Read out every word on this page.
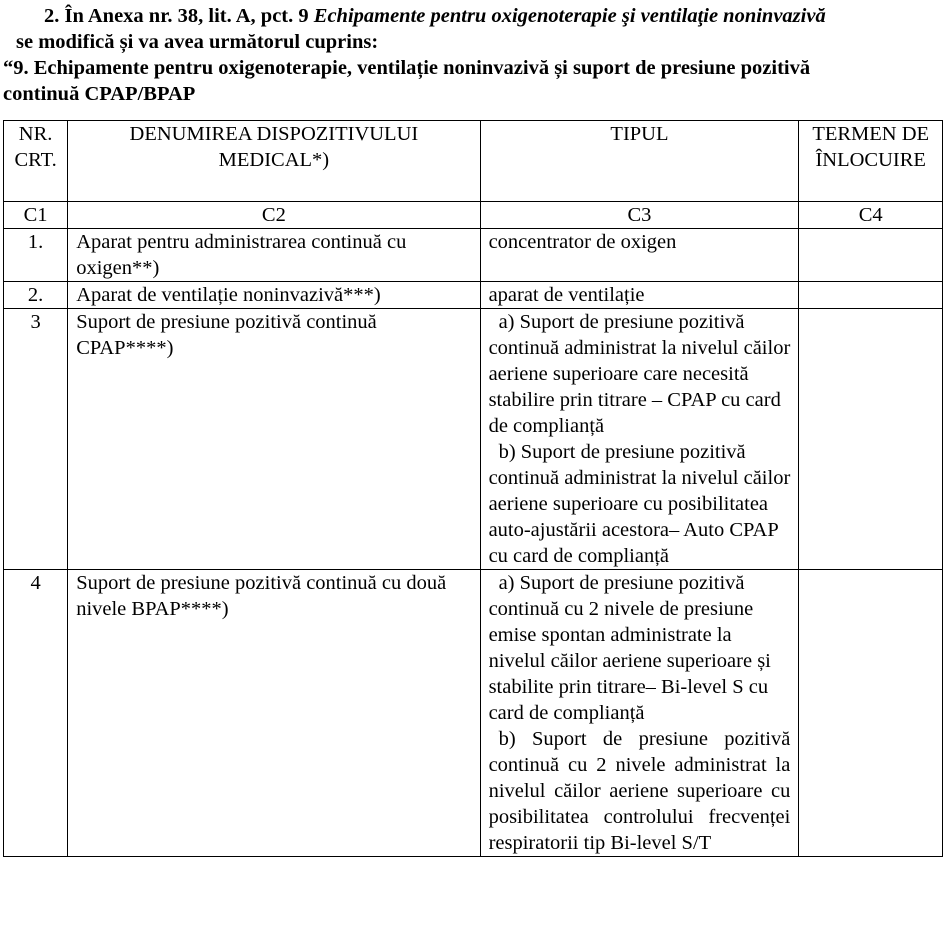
2. În Anexa nr. 38, lit. A, pct. 9 Echipamente pentru oxigenoterapie şi ventilaţie noninvazivă
se modifică și va avea următorul cuprins:
“9. Echipamente pentru oxigenoterapie, ventilație noninvazivă și suport de presiune pozitivă
continuă CPAP/BPAP
NR. CRT.	DENUMIREA DISPOZITIVULUI MEDICAL*)	TIPUL	TERMEN DE ÎNLOCUIRE
C1	C2	C3	C4
1.	Aparat pentru administrarea continuă cu oxigen**)	concentrator de oxigen	
2.	Aparat de ventilație noninvazivă***)	aparat de ventilație	
3	Suport de presiune pozitivă continuă CPAP****)	a) Suport de presiune pozitivă continuă administrat la nivelul căilor aeriene superioare care necesită stabilire prin titrare – CPAP cu card de complianță
b) Suport de presiune pozitivă continuă administrat la nivelul căilor aeriene superioare cu posibilitatea auto-ajustării acestora– Auto CPAP cu card de complianță	

4	Suport de presiune pozitivă continuă cu două nivele BPAP****)	a) Suport de presiune pozitivă continuă cu 2 nivele de presiune emise spontan administrate la nivelul căilor aeriene superioare și stabilite prin titrare– Bi-level S cu card de complianță
b) Suport de presiune pozitivă continuă cu 2 nivele administrat la nivelul căilor aeriene superioare cu posibilitatea controlului frecvenței respiratorii tip Bi-level S/T	
